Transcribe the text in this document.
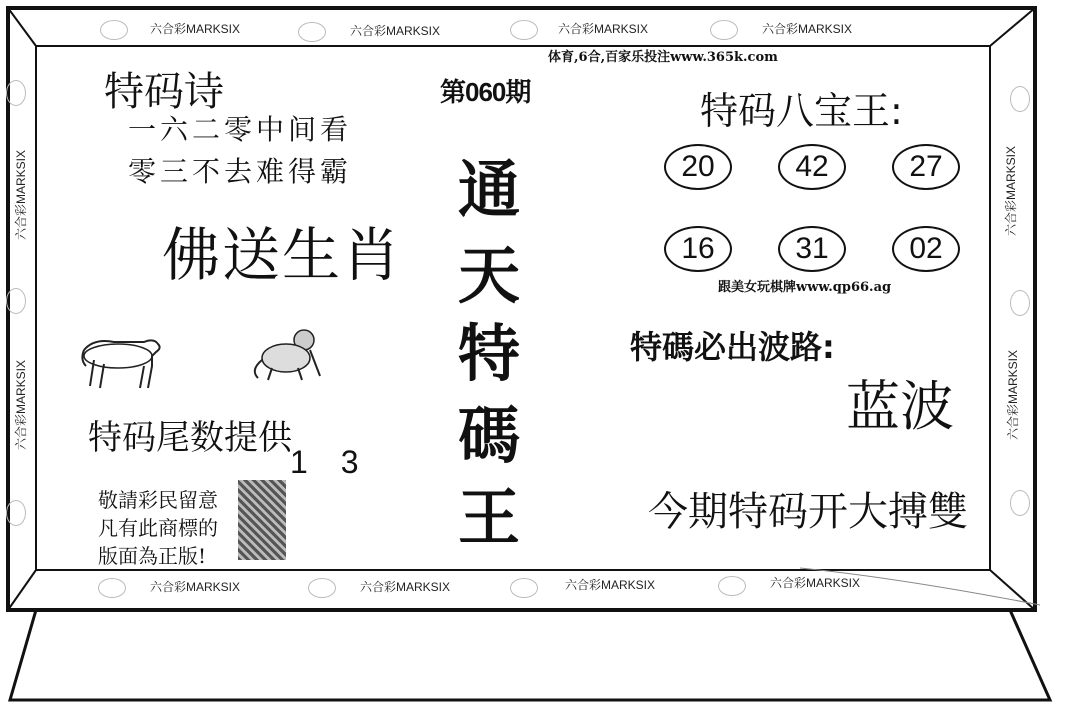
六合彩MARKSIX	六合彩MARKSIX	六合彩MARKSIX	六合彩MARKSIX
六合彩MARKSIX	六合彩MARKSIX	六合彩MARKSIX	六合彩MARKSIX
六合彩MARKSIX
六合彩MARKSIX
六合彩MARKSIX
六合彩MARKSIX
体育,6合,百家乐投注www.365k.com
第060期
特码诗
一六二零中间看
零三不去难得霸
佛送生肖
特码尾数提供
1 3
敬請彩民留意
凡有此商標的
版面為正版!
通
天
特
碼
王
特码八宝王:
20	42	27
16	31	02
跟美女玩棋牌www.qp66.ag
特碼必出波路:
蓝波
今期特码开大搏雙
